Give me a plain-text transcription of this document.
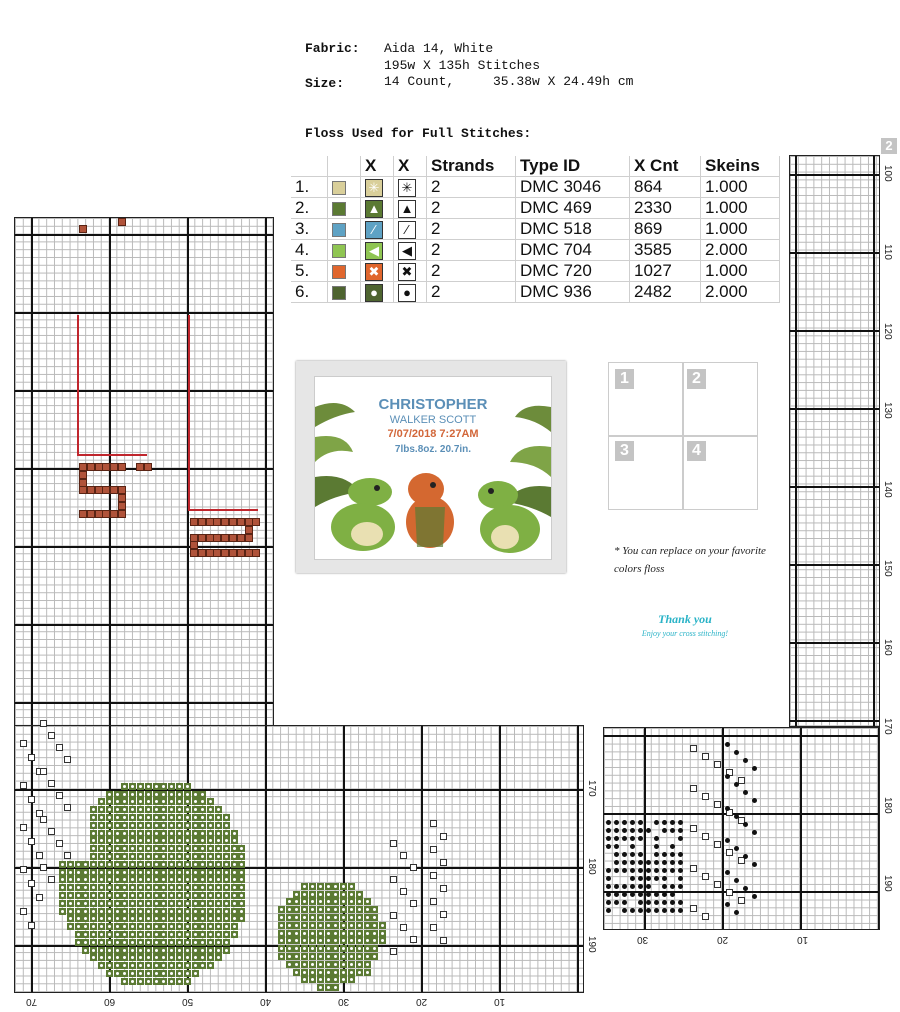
Fabric: Aida 14, White
195w X 135h Stitches
Size:	14 Count,	35.38w X 24.49h cm
Floss Used for Full Stitches:
		X	X	Strands	Type ID	X Cnt	Skeins
1.		✳	✳	2	DMC 3046	864	1.000
2.		▲	▲	2	DMC 469	2330	1.000
3.		⁄	⁄	2	DMC 518	869	1.000
4.		◀	◀	2	DMC 704	3585	2.000
5.		✖	✖	2	DMC 720	1027	1.000
6.		●	●	2	DMC 936	2482	2.000
100
110
120
130
140
150
160
170
170
180
190
70	60	50	40	30	20	10
180
190
30	20	10
CHRISTOPHER
WALKER SCOTT
7/07/2018 7:27AM
7lbs.8oz. 20.7in.
1	2
3	4
2
* You can replace on your favorite colors floss
Thank you
Enjoy your cross stitching!
